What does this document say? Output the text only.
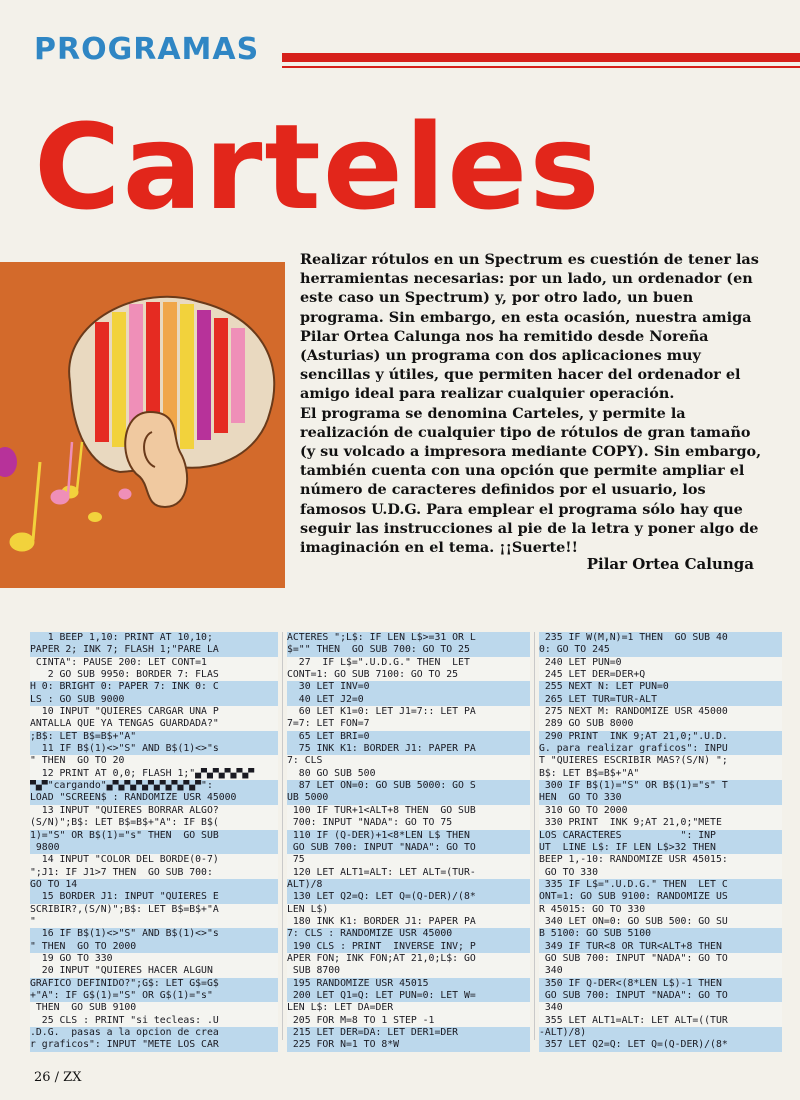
PROGRAMAS
Carteles

Realizar rótulos en un Spectrum es cuestión de tener las herramientas necesarias: por un lado, un ordenador (en este caso un Spectrum) y, por otro lado, un buen programa. Sin embargo, en esta ocasión, nuestra amiga Pilar Ortea Calunga nos ha remitido desde Noreña (Asturias) un programa con dos aplicaciones muy sencillas y útiles, que permiten hacer del ordenador el amigo ideal para realizar cualquier operación.

El programa se denomina Carteles, y permite la realización de cualquier tipo de rótulos de gran tamaño (y su volcado a impresora mediante COPY). Sin embargo, también cuenta con una opción que permite ampliar el número de caracteres definidos por el usuario, los famosos U.D.G. Para emplear el programa sólo hay que seguir las instrucciones al pie de la letra y poner algo de imaginación en el tema. ¡¡Suerte!!

Pilar Ortea Calunga
1 BEEP 1,10: PRINT AT 10,10;
PAPER 2; INK 7; FLASH 1;"PARE LA
CINTA": PAUSE 200: LET CONT=1
2 GO SUB 9950: BORDER 7: FLAS
H 0: BRIGHT 0: PAPER 7: INK 0: C
LS : GO SUB 9000
10 INPUT "QUIERES CARGAR UNA P
ANTALLA QUE YA TENGAS GUARDADA?"
;B$: LET B$=B$+"A"
11 IF B$(1)<>"S" AND B$(1)<>"s
" THEN  GO TO 20
12 PRINT AT 0,0; FLASH 1;"▄▀▄▀▄▀▄▀▄▀
▀▄▀"cargando"▄▀▄▀▄▀▄▀▄▀▄▀▄▀▄▀":
LOAD "SCREEN$ : RANDOMIZE USR 45000
13 INPUT "QUIERES BORRAR ALGO?
(S/N)";B$: LET B$=B$+"A": IF B$(
1)="S" OR B$(1)="s" THEN  GO SUB
9800
14 INPUT "COLOR DEL BORDE(0-7)
";J1: IF J1>7 THEN  GO SUB 700:
GO TO 14
15 BORDER J1: INPUT "QUIERES E
SCRIBIR?,(S/N)";B$: LET B$=B$+"A
"
16 IF B$(1)<>"S" AND B$(1)<>"s
" THEN  GO TO 2000
19 GO TO 330
20 INPUT "QUIERES HACER ALGUN
GRAFICO DEFINIDO?";G$: LET G$=G$
+"A": IF G$(1)="S" OR G$(1)="s"
THEN  GO SUB 9100
25 CLS : PRINT "si tecleas: .U
.D.G.  pasas a la opcion de crea
r graficos": INPUT "METE LOS CAR
ACTERES ";L$: IF LEN L$>=31 OR L
$="" THEN  GO SUB 700: GO TO 25
27  IF L$=".U.D.G." THEN  LET
CONT=1: GO SUB 7100: GO TO 25
30 LET INV=0
40 LET J2=0
60 LET K1=0: LET J1=7:: LET PA
7=7: LET FON=7
65 LET BRI=0
75 INK K1: BORDER J1: PAPER PA
7: CLS
80 GO SUB 500
87 LET ON=0: GO SUB 5000: GO S
UB 5000
100 IF TUR+1<ALT+8 THEN  GO SUB
700: INPUT "NADA": GO TO 75
110 IF (Q-DER)+1<8*LEN L$ THEN
GO SUB 700: INPUT "NADA": GO TO
75
120 LET ALT1=ALT: LET ALT=(TUR-
ALT)/8
130 LET Q2=Q: LET Q=(Q-DER)/(8*
LEN L$)
180 INK K1: BORDER J1: PAPER PA
7: CLS : RANDOMIZE USR 45000
190 CLS : PRINT  INVERSE INV; P
APER FON; INK FON;AT 21,0;L$: GO
SUB 8700
195 RANDOMIZE USR 45015
200 LET Q1=Q: LET PUN=0: LET W=
LEN L$: LET DA=DER
205 FOR M=8 TO 1 STEP -1
215 LET DER=DA: LET DER1=DER
225 FOR N=1 TO 8*W
235 IF W(M,N)=1 THEN  GO SUB 40
0: GO TO 245
240 LET PUN=0
245 LET DER=DER+Q
255 NEXT N: LET PUN=0
265 LET TUR=TUR-ALT
275 NEXT M: RANDOMIZE USR 45000
289 GO SUB 8000
290 PRINT  INK 9;AT 21,0;".U.D.
G. para realizar graficos": INPU
T "QUIERES ESCRIBIR MAS?(S/N) ";
B$: LET B$=B$+"A"
300 IF B$(1)="S" OR B$(1)="s" T
HEN  GO TO 330
310 GO TO 2000
330 PRINT  INK 9;AT 21,0;"METE
LOS CARACTERES          ": INP
UT  LINE L$: IF LEN L$>32 THEN
BEEP 1,-10: RANDOMIZE USR 45015:
GO TO 330
335 IF L$=".U.D.G." THEN  LET C
ONT=1: GO SUB 9100: RANDOMIZE US
R 45015: GO TO 330
340 LET ON=0: GO SUB 500: GO SU
B 5100: GO SUB 5100
349 IF TUR<8 OR TUR<ALT+8 THEN
GO SUB 700: INPUT "NADA": GO TO
340
350 IF Q-DER<(8*LEN L$)-1 THEN
GO SUB 700: INPUT "NADA": GO TO
340
355 LET ALT1=ALT: LET ALT=((TUR
-ALT)/8)
357 LET Q2=Q: LET Q=(Q-DER)/(8*
26 / ZX
